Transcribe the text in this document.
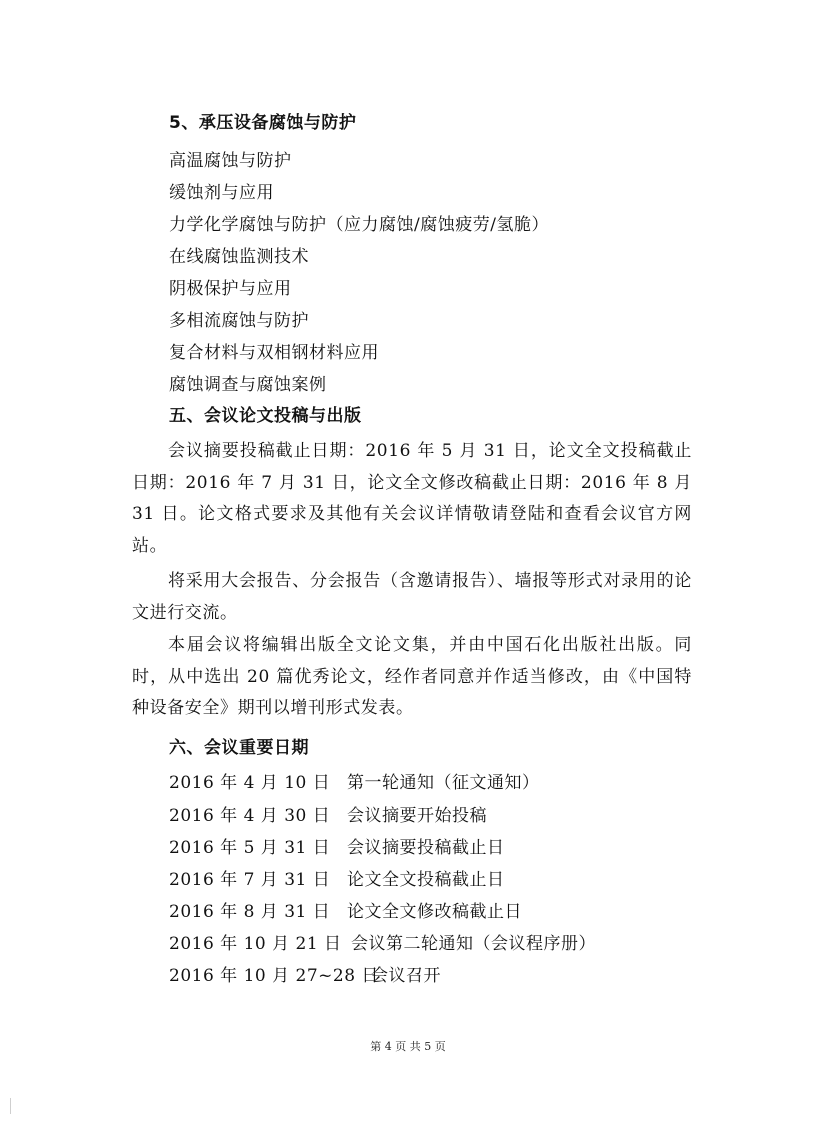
5、承压设备腐蚀与防护
高温腐蚀与防护
缓蚀剂与应用
力学化学腐蚀与防护（应力腐蚀/腐蚀疲劳/氢脆）
在线腐蚀监测技术
阴极保护与应用
多相流腐蚀与防护
复合材料与双相钢材料应用
腐蚀调查与腐蚀案例
五、会议论文投稿与出版

会议摘要投稿截止日期：2016 年 5 月 31 日，论文全文投稿截止日期：2016 年 7 月 31 日，论文全文修改稿截止日期：2016 年 8 月 31 日。论文格式要求及其他有关会议详情敬请登陆和查看会议官方网站。

将采用大会报告、分会报告（含邀请报告）、墙报等形式对录用的论文进行交流。

本届会议将编辑出版全文论文集，并由中国石化出版社出版。同时，从中选出 20 篇优秀论文，经作者同意并作适当修改，由《中国特种设备安全》期刊以增刊形式发表。

六、会议重要日期
2016 年 4 月 10 日 第一轮通知（征文通知）
2016 年 4 月 30 日 会议摘要开始投稿
2016 年 5 月 31 日 会议摘要投稿截止日
2016 年 7 月 31 日 论文全文投稿截止日
2016 年 8 月 31 日 论文全文修改稿截止日
2016 年 10 月 21 日 会议第二轮通知（会议程序册）
2016 年 10 月 27~28 日会议召开
第 4 页 共 5 页
